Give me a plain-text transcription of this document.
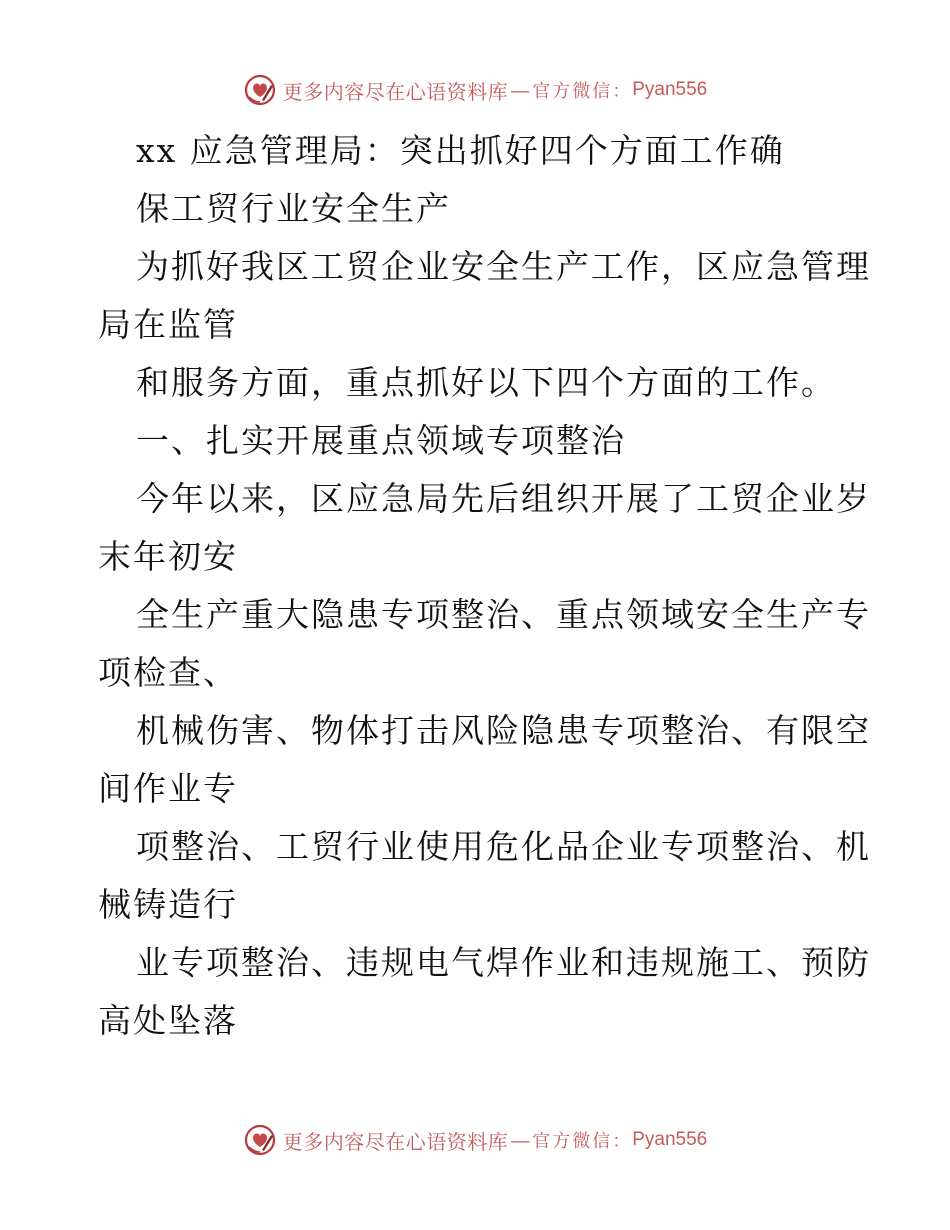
更多内容尽在心语资料库 — 官方微信： Pyan556
xx 应急管理局：突出抓好四个方面工作确
保工贸行业安全生产
为抓好我区工贸企业安全生产工作，区应急管理
局在监管
和服务方面，重点抓好以下四个方面的工作。
一、扎实开展重点领域专项整治
今年以来，区应急局先后组织开展了工贸企业岁
末年初安
全生产重大隐患专项整治、重点领域安全生产专
项检查、
机械伤害、物体打击风险隐患专项整治、有限空
间作业专
项整治、工贸行业使用危化品企业专项整治、机
械铸造行
业专项整治、违规电气焊作业和违规施工、预防
高处坠落
更多内容尽在心语资料库 — 官方微信： Pyan556
